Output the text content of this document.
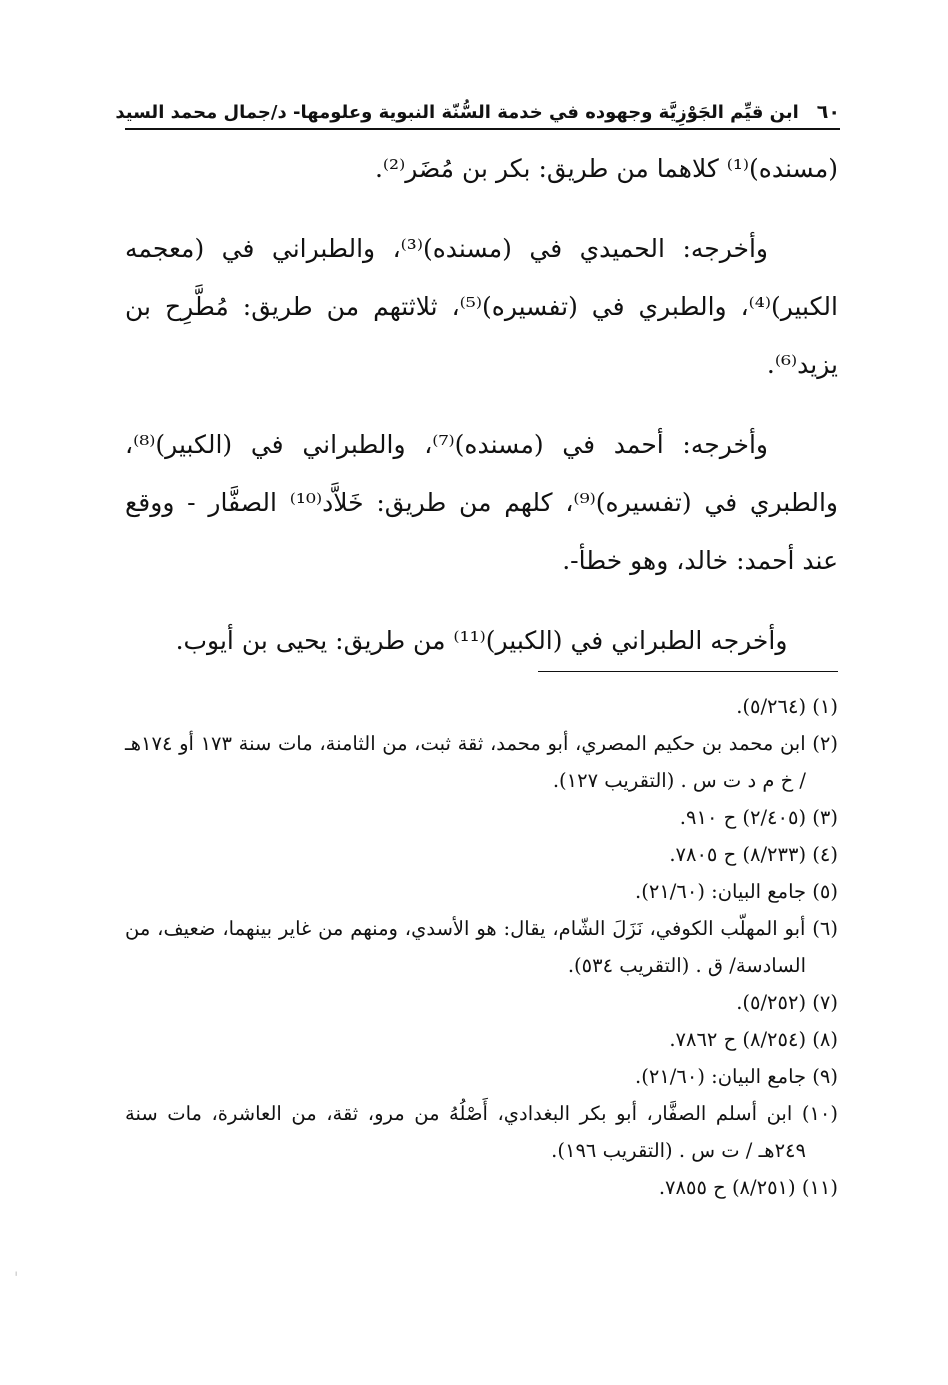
٦٠
ابن قيِّم الجَوْزِيَّة وجهوده في خدمة السُّنّة النبوية وعلومها- د/جمال محمد السيد

(مسنده)⁽¹⁾ كلاهما من طريق: بكر بن مُضَر⁽²⁾.

وأخرجه: الحميدي في (مسنده)⁽³⁾، والطبراني في (معجمه الكبير)⁽⁴⁾، والطبري في (تفسيره)⁽⁵⁾، ثلاثتهم من طريق: مُطَّرِح بن يزيد⁽⁶⁾.

وأخرجه: أحمد في (مسنده)⁽⁷⁾، والطبراني في (الكبير)⁽⁸⁾، والطبري في (تفسيره)⁽⁹⁾، كلهم من طريق: خَلاَّد⁽¹⁰⁾ الصفَّار - ووقع عند أحمد: خالد، وهو خطأ-.

وأخرجه الطبراني في (الكبير)⁽¹¹⁾ من طريق: يحيى بن أيوب.

(١) (٥/٢٦٤).

(٢) ابن محمد بن حكيم المصري، أبو محمد، ثقة ثبت، من الثامنة، مات سنة ١٧٣ أو ١٧٤هـ / خ م د ت س . (التقريب ١٢٧).

(٣) (٢/٤٠٥) ح ٩١٠.

(٤) (٨/٢٣٣) ح ٧٨٠٥.

(٥) جامع البيان: (٢١/٦٠).

(٦) أبو المهلّب الكوفي، نَزَلَ الشّام، يقال: هو الأسدي، ومنهم من غاير بينهما، ضعيف، من السادسة/ ق . (التقريب ٥٣٤).

(٧) (٥/٢٥٢).

(٨) (٨/٢٥٤) ح ٧٨٦٢.

(٩) جامع البيان: (٢١/٦٠).

(١٠) ابن أسلم الصفَّار، أبو بكر البغدادي، أَصْلُهُ من مرو، ثقة، من العاشرة، مات سنة ٢٤٩هـ / ت س . (التقريب ١٩٦).

(١١) (٨/٢٥١) ح ٧٨٥٥.

'
